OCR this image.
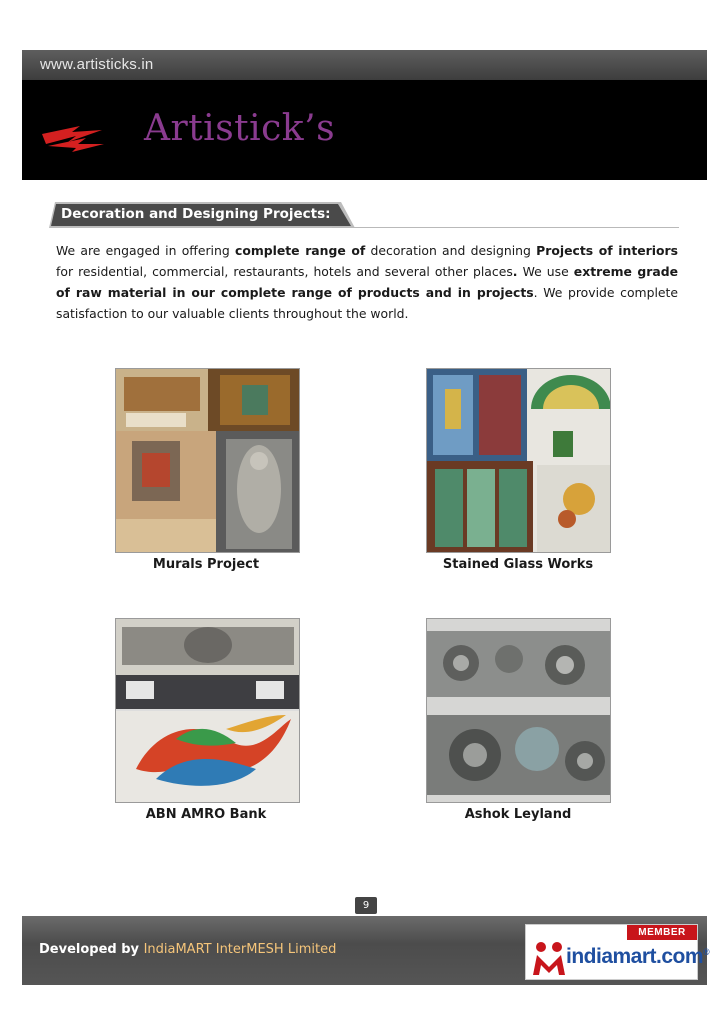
www.artisticks.in
Artistick’s
Decoration and Designing Projects:

We are engaged in offering complete range of decoration and designing Projects of interiors for residential, commercial, restaurants, hotels and several other places. We use extreme grade of raw material in our complete range of products and in projects. We provide complete satisfaction to our valuable clients throughout the world.

Murals Project	Stained Glass Works
ABN AMRO Bank	Ashok Leyland
9
Developed by IndiaMART InterMESH Limited
MEMBER
indiamart.com®
